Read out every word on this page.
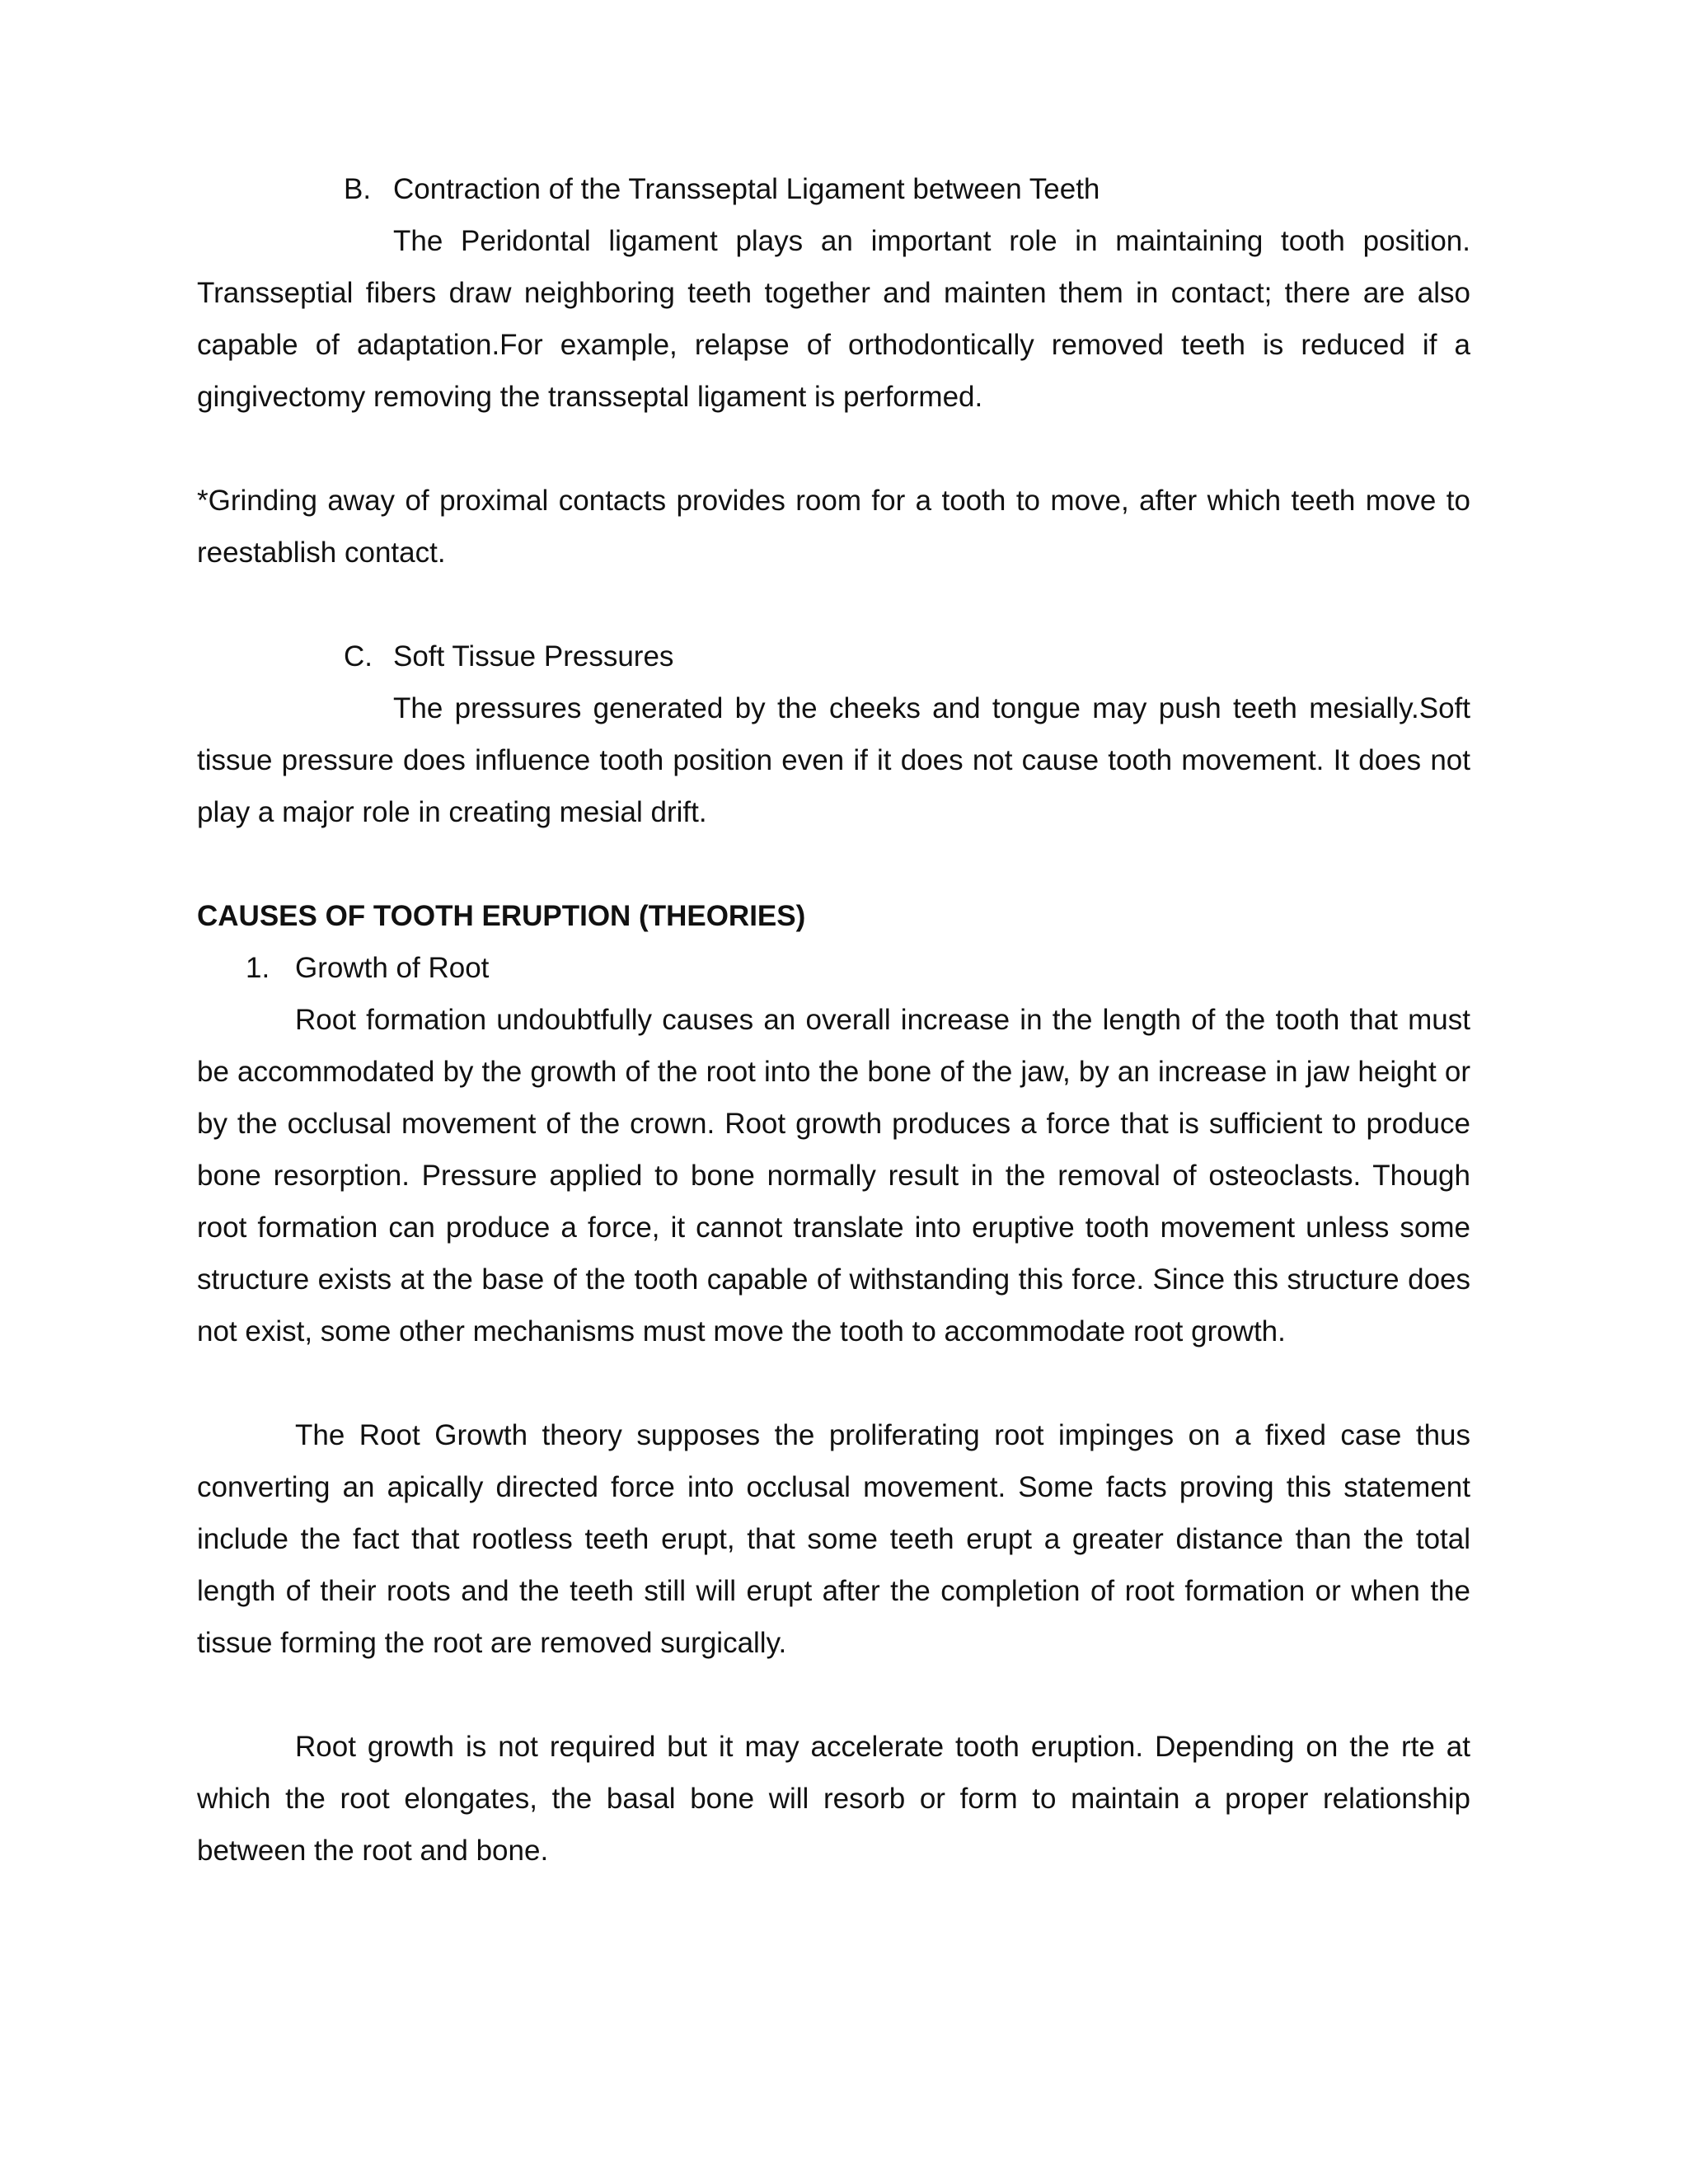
B. Contraction of the Transseptal Ligament between Teeth

The Peridontal ligament plays an important role in maintaining tooth position. Transseptial fibers draw neighboring teeth together and mainten them in contact; there are also capable of adaptation.For example, relapse of orthodontically removed teeth is reduced if a gingivectomy removing the transseptal ligament is performed.

*Grinding away of proximal contacts provides room for a tooth to move, after which teeth move to reestablish contact.

C. Soft Tissue Pressures

The pressures generated by the cheeks and tongue may push teeth mesially.Soft tissue pressure does influence tooth position even if it does not cause tooth movement. It does not play a major role in creating mesial drift.

CAUSES OF TOOTH ERUPTION (THEORIES)

1. Growth of Root

Root formation undoubtfully causes an overall increase in the length of the tooth that must be accommodated by the growth of the root into the bone of the jaw, by an increase in jaw height or by the occlusal movement of the crown. Root growth produces a force that is sufficient to produce bone resorption. Pressure applied to bone normally result in the removal of osteoclasts. Though root formation can produce a force, it cannot translate into eruptive tooth movement unless some structure exists at the base of the tooth capable of withstanding this force. Since this structure does not exist, some other mechanisms must move the tooth to accommodate root growth.

The Root Growth theory supposes the proliferating root impinges on a fixed case thus converting an apically directed force into occlusal movement. Some facts proving this statement include the fact that rootless teeth erupt, that some teeth erupt a greater distance than the total length of their roots and the teeth still will erupt after the completion of root formation or when the tissue forming the root are removed surgically.

Root growth is not required but it may accelerate tooth eruption. Depending on the rte at which the root elongates, the basal bone will resorb or form to maintain a proper relationship between the root and bone.
